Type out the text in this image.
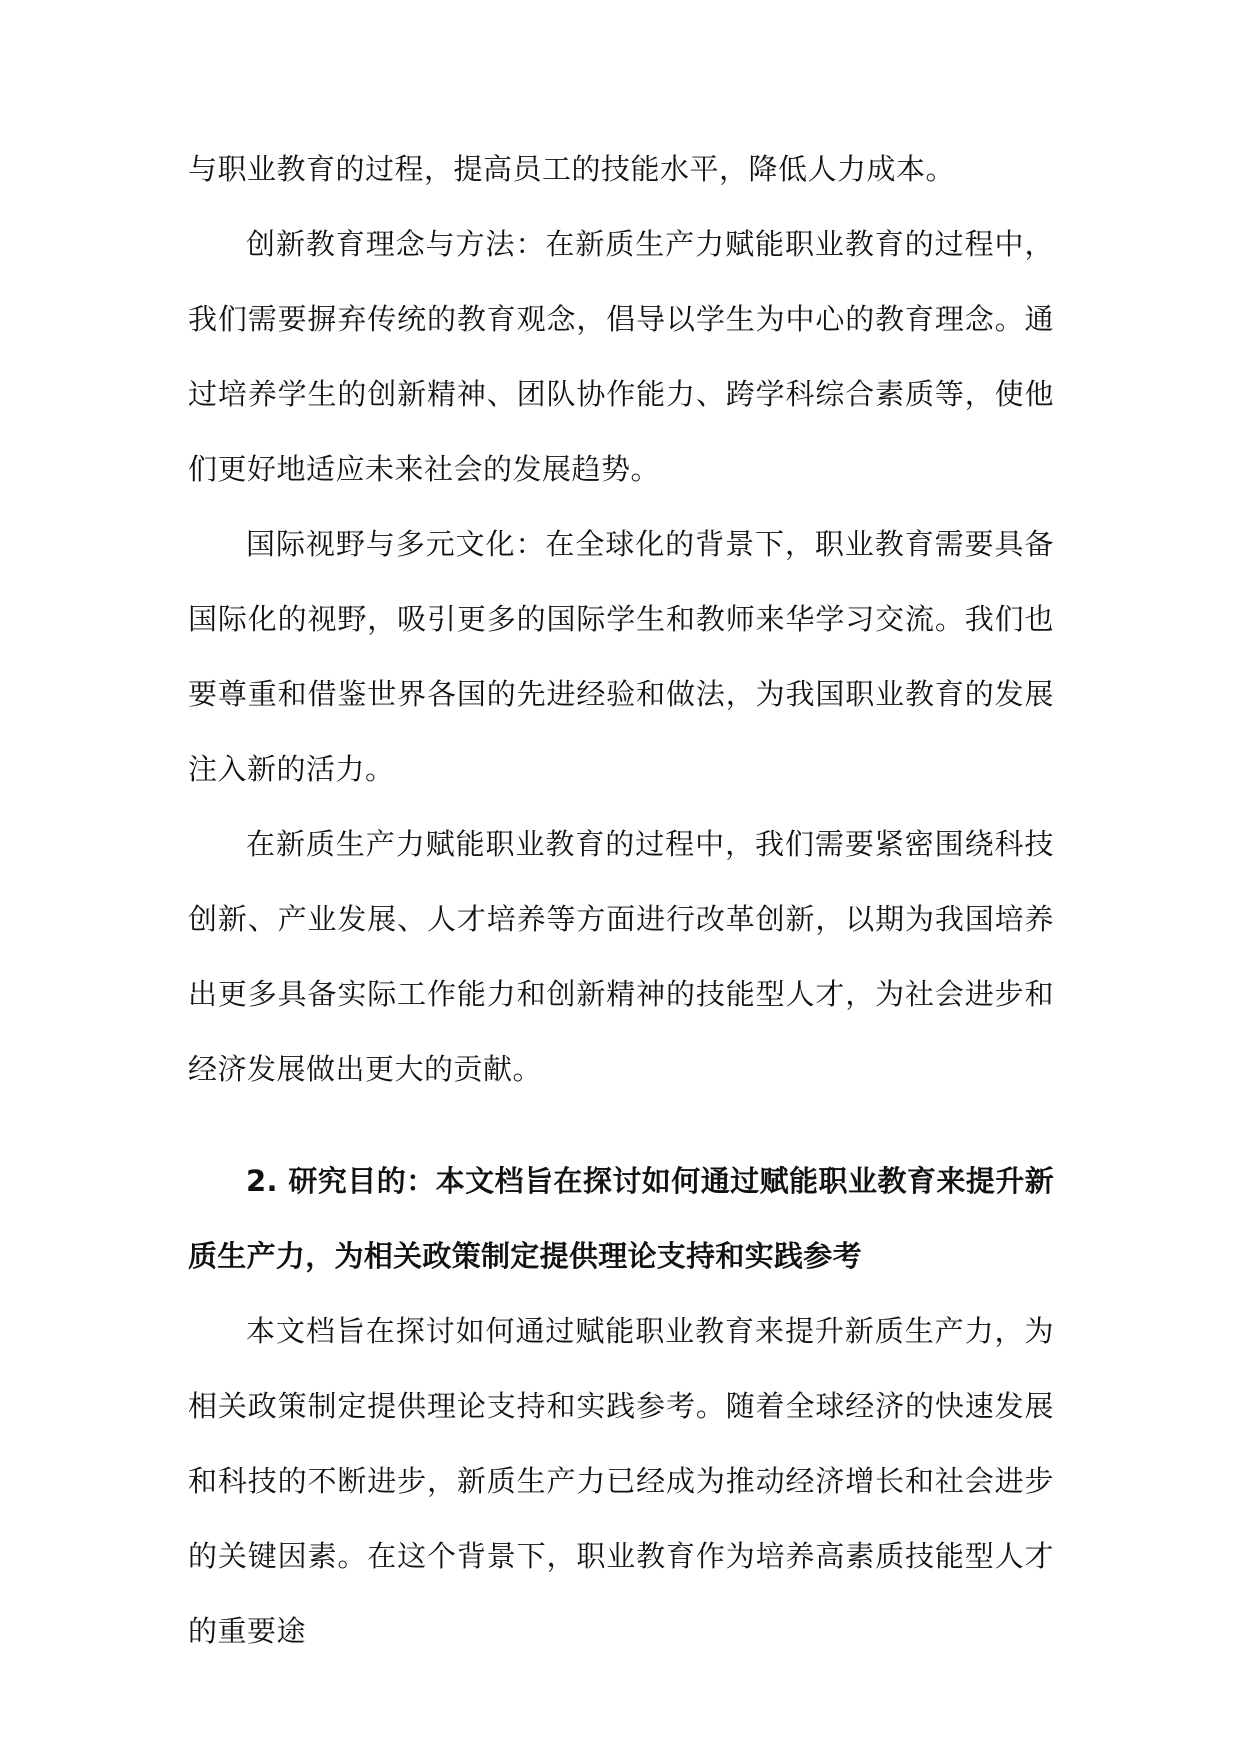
与职业教育的过程，提高员工的技能水平，降低人力成本。

创新教育理念与方法：在新质生产力赋能职业教育的过程中，我们需要摒弃传统的教育观念，倡导以学生为中心的教育理念。通过培养学生的创新精神、团队协作能力、跨学科综合素质等，使他们更好地适应未来社会的发展趋势。

国际视野与多元文化：在全球化的背景下，职业教育需要具备国际化的视野，吸引更多的国际学生和教师来华学习交流。我们也要尊重和借鉴世界各国的先进经验和做法，为我国职业教育的发展注入新的活力。

在新质生产力赋能职业教育的过程中，我们需要紧密围绕科技创新、产业发展、人才培养等方面进行改革创新，以期为我国培养出更多具备实际工作能力和创新精神的技能型人才，为社会进步和经济发展做出更大的贡献。

2. 研究目的：本文档旨在探讨如何通过赋能职业教育来提升新质生产力，为相关政策制定提供理论支持和实践参考

本文档旨在探讨如何通过赋能职业教育来提升新质生产力，为相关政策制定提供理论支持和实践参考。随着全球经济的快速发展和科技的不断进步，新质生产力已经成为推动经济增长和社会进步的关键因素。在这个背景下，职业教育作为培养高素质技能型人才的重要途
